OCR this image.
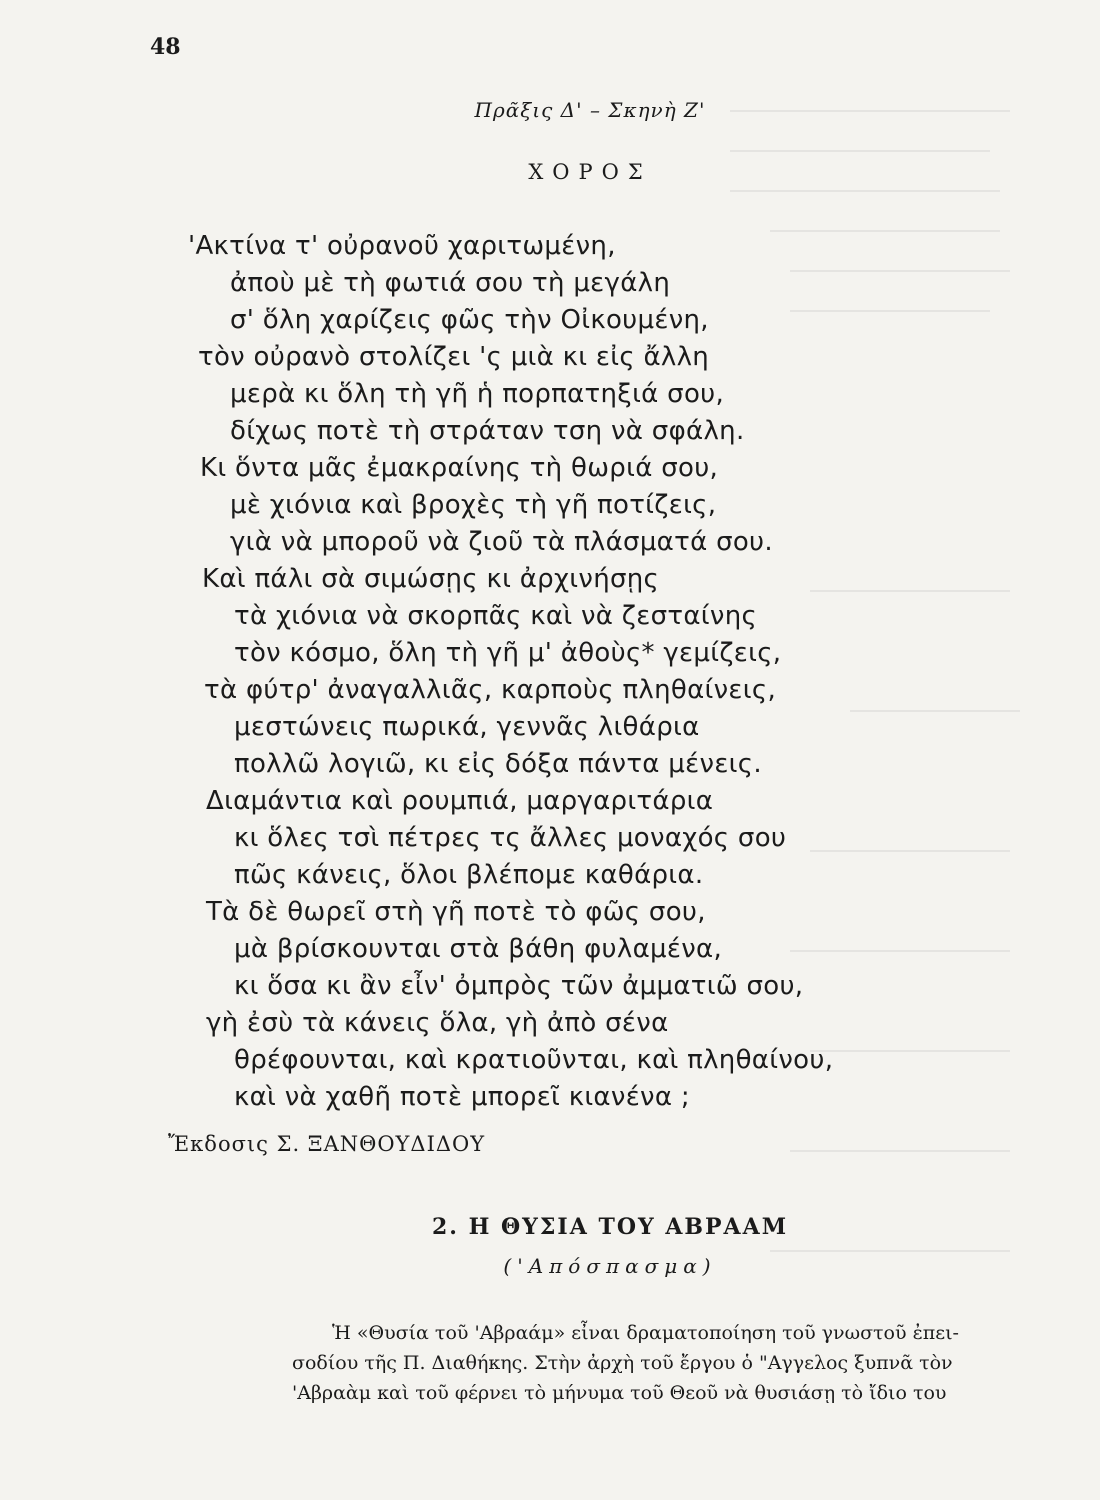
48
Πρᾶξις Δ' – Σκηνὴ Ζ'
ΧΟΡΟΣ
'Ακτίνα τ' οὐρανοῦ χαριτωμένη,
ἀποὺ μὲ τὴ φωτιά σου τὴ μεγάλη
σ' ὅλη χαρίζεις φῶς τὴν Οἰκουμένη,
τὸν οὐρανὸ στολίζει 'ς μιὰ κι εἰς ἄλλη
μερὰ κι ὅλη τὴ γῆ ἡ πορπατηξιά σου,
δίχως ποτὲ τὴ στράταν τση νὰ σφάλη.
Κι ὅντα μᾶς ἐμακραίνης τὴ θωριά σου,
μὲ χιόνια καὶ βροχὲς τὴ γῆ ποτίζεις,
γιὰ νὰ μποροῦ νὰ ζιοῦ τὰ πλάσματά σου.
Καὶ πάλι σὰ σιμώσῃς κι ἀρχινήσῃς
τὰ χιόνια νὰ σκορπᾶς καὶ νὰ ζεσταίνης
τὸν κόσμο, ὅλη τὴ γῆ μ' ἀθοὺς* γεμίζεις,
τὰ φύτρ' ἀναγαλλιᾶς, καρποὺς πληθαίνεις,
μεστώνεις πωρικά, γεννᾶς λιθάρια
πολλῶ λογιῶ, κι εἰς δόξα πάντα μένεις.
Διαμάντια καὶ ρουμπιά, μαργαριτάρια
κι ὅλες τσὶ πέτρες τς ἄλλες μοναχός σου
πῶς κάνεις, ὅλοι βλέπομε καθάρια.
Τὰ δὲ θωρεῖ στὴ γῆ ποτὲ τὸ φῶς σου,
μὰ βρίσκουνται στὰ βάθη φυλαμένα,
κι ὅσα κι ἂν εἶν' ὀμπρὸς τῶν ἀμματιῶ σου,
γὴ ἐσὺ τὰ κάνεις ὅλα, γὴ ἀπὸ σένα
θρέφουνται, καὶ κρατιοῦνται, καὶ πληθαίνου,
καὶ νὰ χαθῆ ποτὲ μπορεῖ κιανένα ;
Ἔκδοσις Σ. ΞΑΝΘΟΥΔΙΔΟΥ
2. Η ΘΥΣΙΑ ΤΟΥ ΑΒΡΑΑΜ
('Απόσπασμα)
Ἡ «Θυσία τοῦ 'Αβραάμ» εἶναι δραματοποίηση τοῦ γνωστοῦ ἐπει-
σοδίου τῆς Π. Διαθήκης. Στὴν ἀρχὴ τοῦ ἔργου ὁ "Αγγελος ξυπνᾶ τὸν
'Αβραὰμ καὶ τοῦ φέρνει τὸ μήνυμα τοῦ Θεοῦ νὰ θυσιάσῃ τὸ ἴδιο του
